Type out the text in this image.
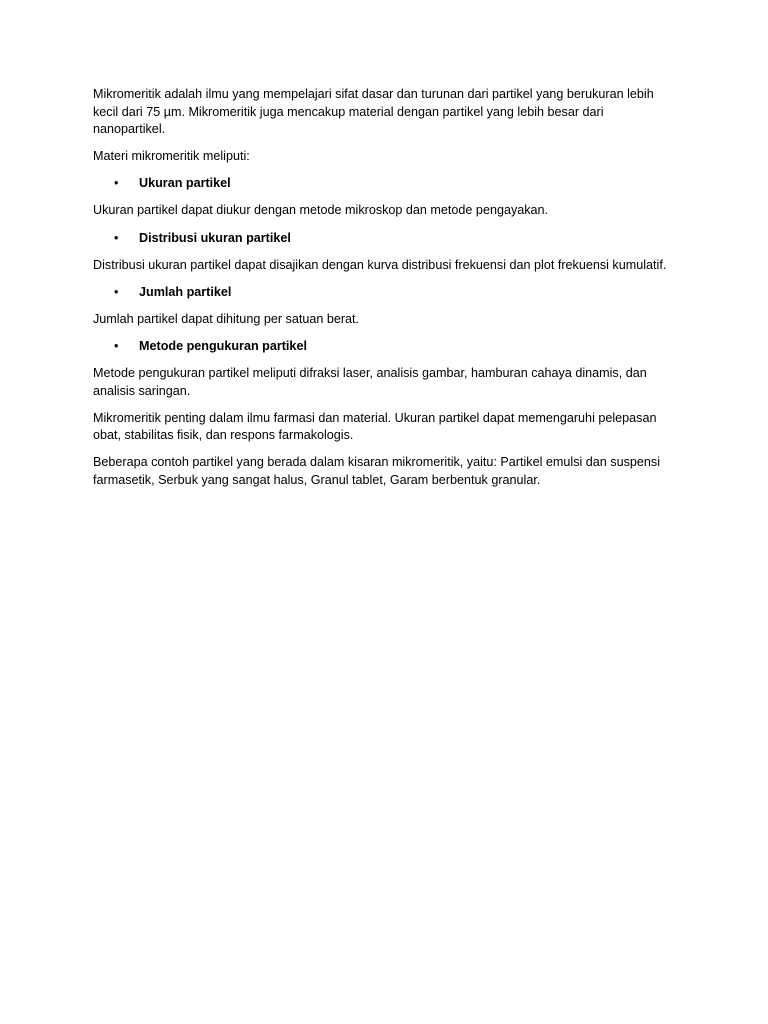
Mikromeritik adalah ilmu yang mempelajari sifat dasar dan turunan dari partikel yang berukuran lebih kecil dari 75 µm. Mikromeritik juga mencakup material dengan partikel yang lebih besar dari nanopartikel.

Materi mikromeritik meliputi:

• Ukuran partikel

Ukuran partikel dapat diukur dengan metode mikroskop dan metode pengayakan.

• Distribusi ukuran partikel

Distribusi ukuran partikel dapat disajikan dengan kurva distribusi frekuensi dan plot frekuensi kumulatif.

• Jumlah partikel

Jumlah partikel dapat dihitung per satuan berat.

• Metode pengukuran partikel

Metode pengukuran partikel meliputi difraksi laser, analisis gambar, hamburan cahaya dinamis, dan analisis saringan.

Mikromeritik penting dalam ilmu farmasi dan material. Ukuran partikel dapat memengaruhi pelepasan obat, stabilitas fisik, dan respons farmakologis.

Beberapa contoh partikel yang berada dalam kisaran mikromeritik, yaitu: Partikel emulsi dan suspensi farmasetik, Serbuk yang sangat halus, Granul tablet, Garam berbentuk granular.
